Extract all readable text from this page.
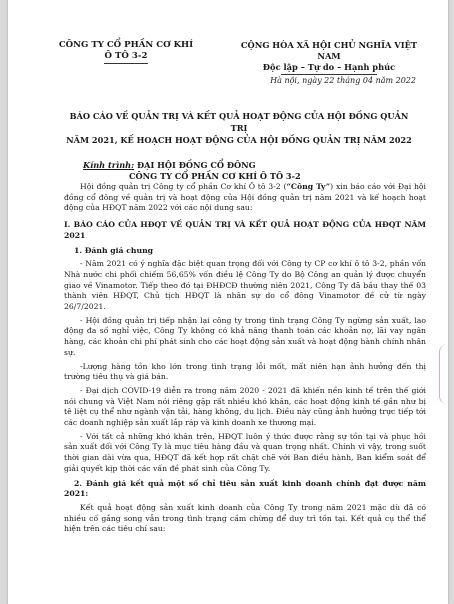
CÔNG TY CỔ PHẦN CƠ KHÍ
Ô TÔ 3-2
CỘNG HÒA XÃ HỘI CHỦ NGHĨA VIỆT NAM
Độc lập – Tự do – Hạnh phúc
Hà nội, ngày 22 tháng 04 năm 2022
BÁO CÁO VỀ QUẢN TRỊ VÀ KẾT QUẢ HOẠT ĐỘNG CỦA HỘI ĐỒNG QUẢN TRỊ
NĂM 2021, KẾ HOẠCH HOẠT ĐỘNG CỦA HỘI ĐỒNG QUẢN TRỊ NĂM 2022
Kính trình: ĐẠI HỘI ĐỒNG CỔ ĐÔNG
CÔNG TY CỔ PHẦN CƠ KHÍ Ô TÔ 3-2

Hội đồng quản trị Công ty cổ phần Cơ khí Ô tô 3-2 (“Công Ty”) xin báo cáo với Đại hội đồng cổ đông về quản trị và hoạt động của Hội đồng quản trị năm 2021 và kế hoạch hoạt động của HĐQT năm 2022 với các nội dung sau:

I. BÁO CÁO CỦA HĐQT VỀ QUẢN TRỊ VÀ KẾT QUẢ HOẠT ĐỘNG CỦA HĐQT NĂM 2021

1. Đánh giá chung

- Năm 2021 có ý nghĩa đặc biệt quan trọng đối với Công ty CP cơ khí ô tô 3-2, phần vốn Nhà nước chi phối chiếm 56,65% vốn điều lệ Công Ty do Bộ Công an quản lý được chuyển giao về Vinamotor. Tiếp theo đó tại ĐHĐCĐ thường niên 2021, Công Ty đã bầu thay thế 03 thành viên HĐQT, Chủ tịch HĐQT là nhân sự do cổ đông Vinamotor đề cử từ ngày 26/7/2021.

- Hội đồng quản trị tiếp nhận lại công ty trong tình trạng Công Ty ngừng sản xuất, lao động đa số nghỉ việc, Công Ty không có khả năng thanh toán các khoản nợ, lãi vay ngân hàng, các khoản chi phí phát sinh cho các hoạt động sản xuất và hoạt động hành chính nhân sự.

-Lượng hàng tồn kho lớn trong tình trạng lỗi mốt, mất niên hạn ảnh hưởng đến thị trường tiêu thụ và giá bán.

- Đại dịch COVID-19 diễn ra trong năm 2020 - 2021 đã khiến nền kinh tế trên thế giới nói chung và Việt Nam nói riêng gặp rất nhiều khó khăn, các hoạt động kinh tế gần như bị tê liệt cụ thể như ngành vận tải, hàng không, du lịch. Điều này cũng ảnh hưởng trực tiếp tới các doanh nghiệp sản xuất lắp ráp và kinh doanh xe thương mại.

- Với tất cả những khó khăn trên, HĐQT luôn ý thức được rằng sự tồn tại và phục hồi sản xuất đối với Công Ty là mục tiêu hàng đầu và quan trọng nhất. Chính vì vậy, trong suốt thời gian dài vừa qua, HĐQT đã kết hợp rất chặt chẽ với Ban điều hành, Ban kiểm soát để giải quyết kịp thời các vấn đề phát sinh của Công Ty.

2. Đánh giá kết quả một số chỉ tiêu sản xuất kinh doanh chính đạt được năm 2021:

Kết quả hoạt động sản xuất kinh doanh của Công Ty trong năm 2021 mặc dù đã có nhiều cố gắng song vẫn trong tình trạng cầm chừng để duy trì tồn tại. Kết quả cụ thể thể hiện trên các tiêu chí sau:
